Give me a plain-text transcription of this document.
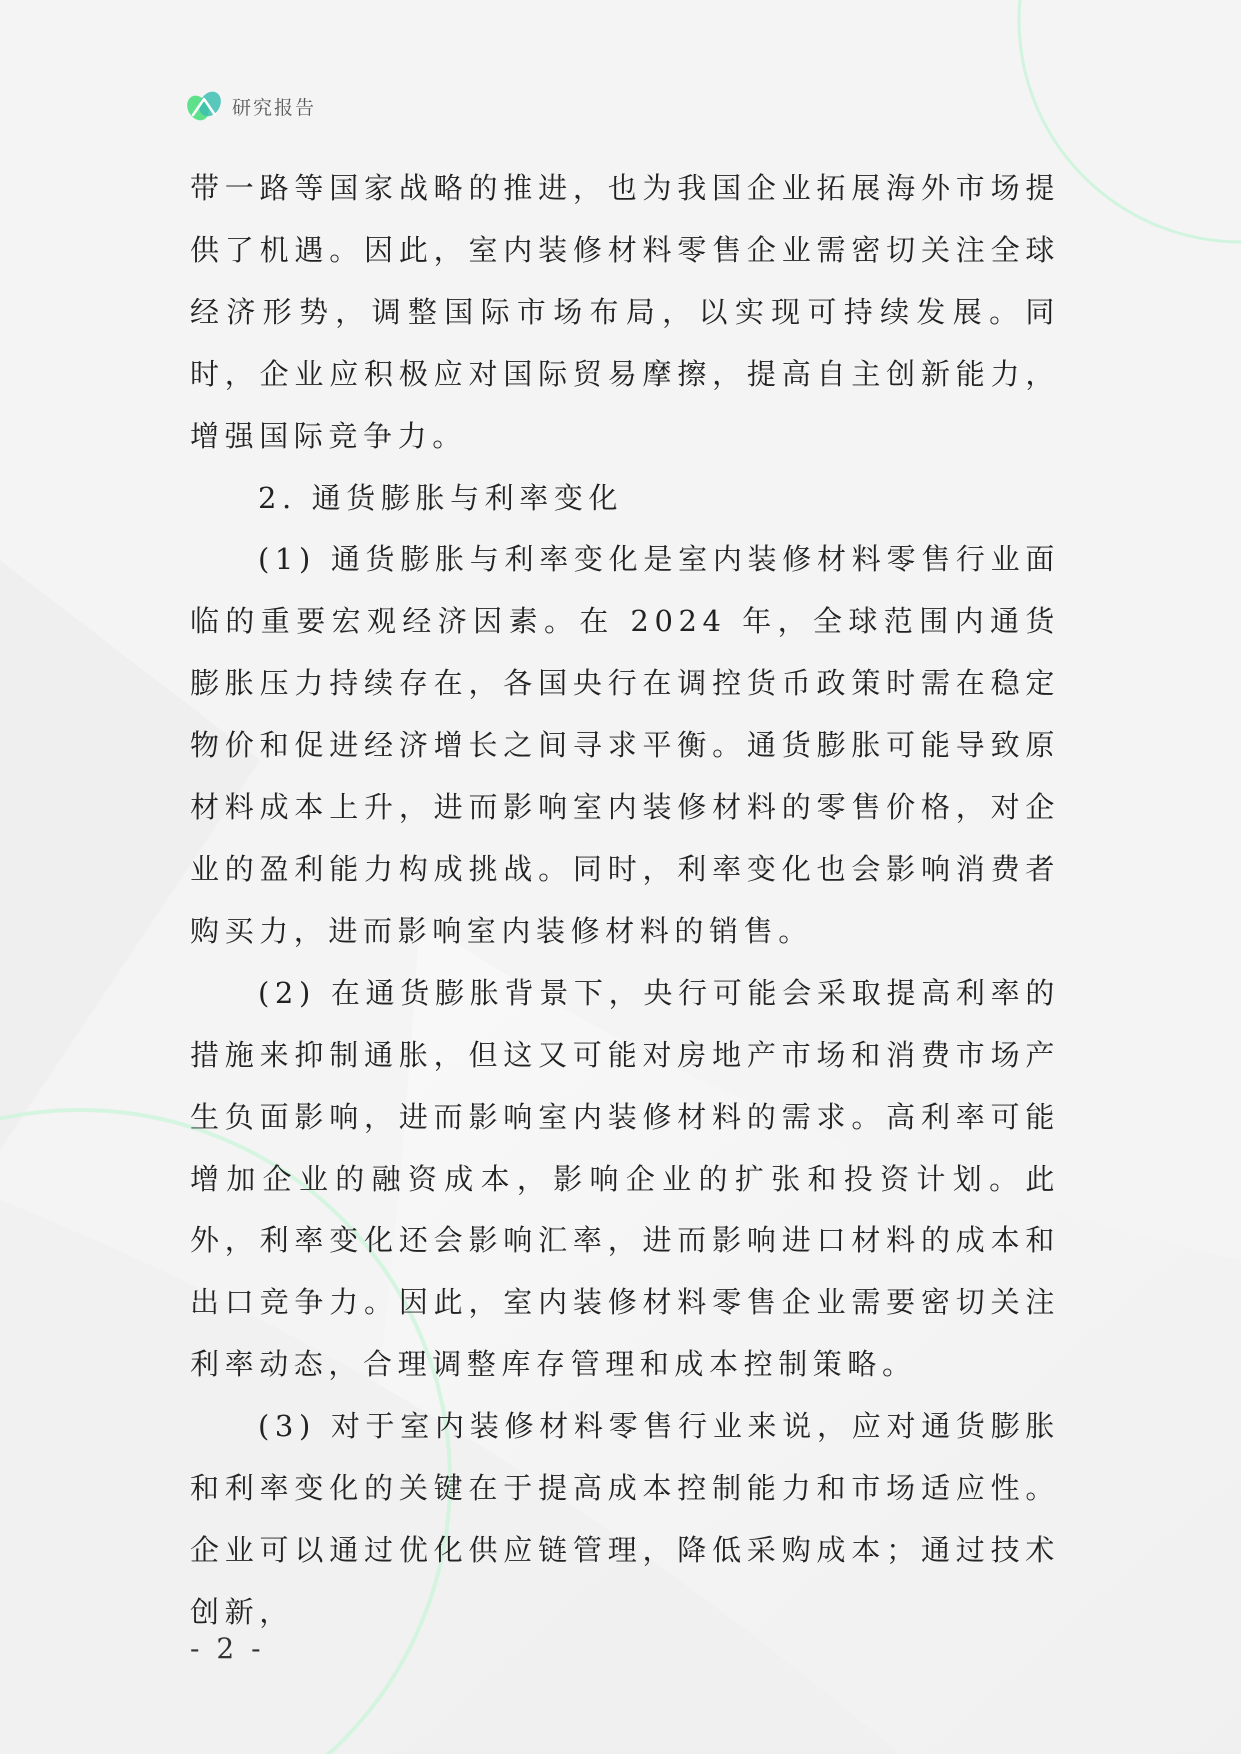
研究报告

带一路等国家战略的推进，也为我国企业拓展海外市场提供了机遇。因此，室内装修材料零售企业需密切关注全球经济形势，调整国际市场布局，以实现可持续发展。同时，企业应积极应对国际贸易摩擦，提高自主创新能力，增强国际竞争力。

2. 通货膨胀与利率变化

(1) 通货膨胀与利率变化是室内装修材料零售行业面临的重要宏观经济因素。在 2024 年，全球范围内通货膨胀压力持续存在，各国央行在调控货币政策时需在稳定物价和促进经济增长之间寻求平衡。通货膨胀可能导致原材料成本上升，进而影响室内装修材料的零售价格，对企业的盈利能力构成挑战。同时，利率变化也会影响消费者购买力，进而影响室内装修材料的销售。

(2) 在通货膨胀背景下，央行可能会采取提高利率的措施来抑制通胀，但这又可能对房地产市场和消费市场产生负面影响，进而影响室内装修材料的需求。高利率可能增加企业的融资成本，影响企业的扩张和投资计划。此外，利率变化还会影响汇率，进而影响进口材料的成本和出口竞争力。因此，室内装修材料零售企业需要密切关注利率动态，合理调整库存管理和成本控制策略。

(3) 对于室内装修材料零售行业来说，应对通货膨胀和利率变化的关键在于提高成本控制能力和市场适应性。企业可以通过优化供应链管理，降低采购成本；通过技术创新，

- 2 -
